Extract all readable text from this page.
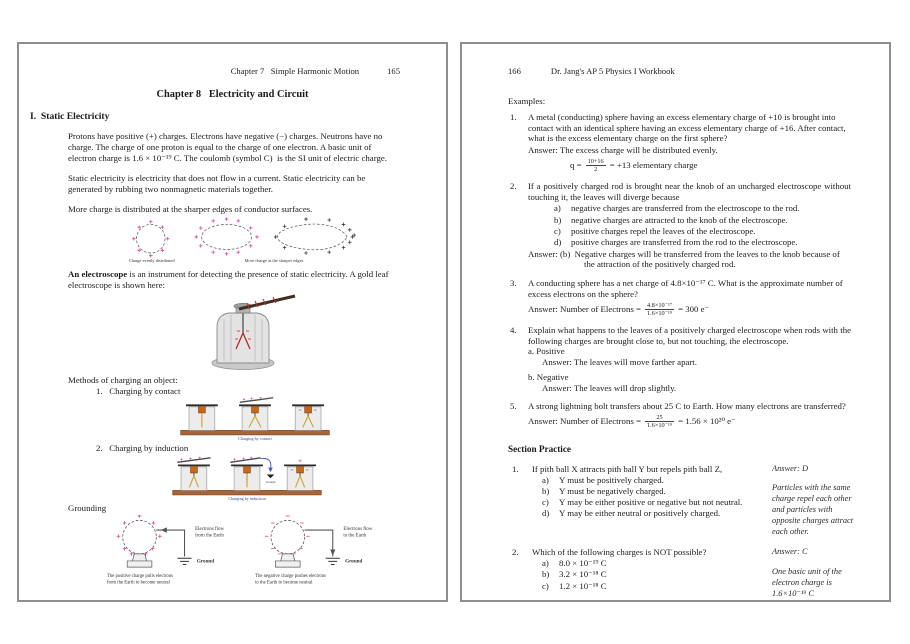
Chapter 7   Simple Harmonic Motion	165
Chapter 8   Electricity and Circuit
I.  Static Electricity
Protons have positive (+) charges. Electrons have negative (−) charges. Neutrons have no charge. The charge of one proton is equal to the charge of one electron. A basic unit of electron charge is 1.6 × 10⁻¹⁹ C. The coulomb (symbol C)  is the SI unit of electric charge.
Static electricity is electricity that does not flow in a current. Static electricity can be generated by rubbing two nonmagnetic materials together.
More charge is distributed at the sharper edges of conductor surfaces.
Charge evenly distributed	More charge at the sharper edges
An electroscope is an instrument for detecting the presence of static electricity. A gold leaf electroscope is shown here:
Methods of charging an object:
1. Charging by contact
Charging by contact
2. Charging by induction
Ground
Charging by induction
Grounding
Electrons flow
from the Earth
Ground
The positive charge pulls electrons
from the Earth to become neutral
Electrons flow
to the Earth
Ground
The negative charge pushes electrons
to the Earth to become neutral
166	Dr. Jang's AP 5 Physics I Workbook
Examples:
1.	A metal (conducting) sphere having an excess elementary charge of +10 is brought into contact with an identical sphere having an excess elementary charge of +16. After contact, what is the excess elementary charge on the first sphere?
Answer: The excess charge will be distributed evenly.
$q = \frac{10+16}{2} = +13$ elementary charge
2.	If a positively charged rod is brought near the knob of an uncharged electroscope without touching it, the leaves will diverge because
a)	negative charges are transferred from the electroscope to the rod.
b)	negative charges are attracted to the knob of the electroscope.
c)	positive charges repel the leaves of the electroscope.
d)	positive charges are transferred from the rod to the electroscope.
Answer: (b)  Negative charges will be transferred from the leaves to the knob because of the attraction of the positively charged rod.
3.	A conducting sphere has a net charge of 4.8×10⁻¹⁷ C. What is the approximate number of excess electrons on the sphere?
Answer: Number of Electrons = $\frac{\text{4.8×10⁻¹⁷}}{\text{1.6×10⁻¹⁹}} = 300$ e⁻
4.	Explain what happens to the leaves of a positively charged electroscope when rods with the following charges are brought close to, but not touching, the electroscope.
a. Positive
Answer: The leaves will move farther apart.
b. Negative
Answer: The leaves will drop slightly.
5.	A strong lightning bolt transfers about 25 C to Earth. How many electrons are transferred?
Answer: Number of Electrons = $\frac{25}{\text{1.6×10⁻¹⁹}} = 1.56 \times 10^{20}$ e⁻
Section Practice
1.	If pith ball X attracts pith ball Y but repels pith ball Z,
a)	Y must be positively charged.
b)	Y must be negatively charged.
c)	Y may be either positive or negative but not neutral.
d)	Y may be either neutral or positively charged.
Answer: D
Particles with the same charge repel each other and particles with opposite charges attract each other.
2.	Which of the following charges is NOT possible?
a)	8.0 × 10⁻¹⁹ C
b)	3.2 × 10⁻¹⁸ C
c)	1.2 × 10⁻¹⁸ C
Answer: C
One basic unit of the electron charge is 1.6×10⁻¹⁹ C
